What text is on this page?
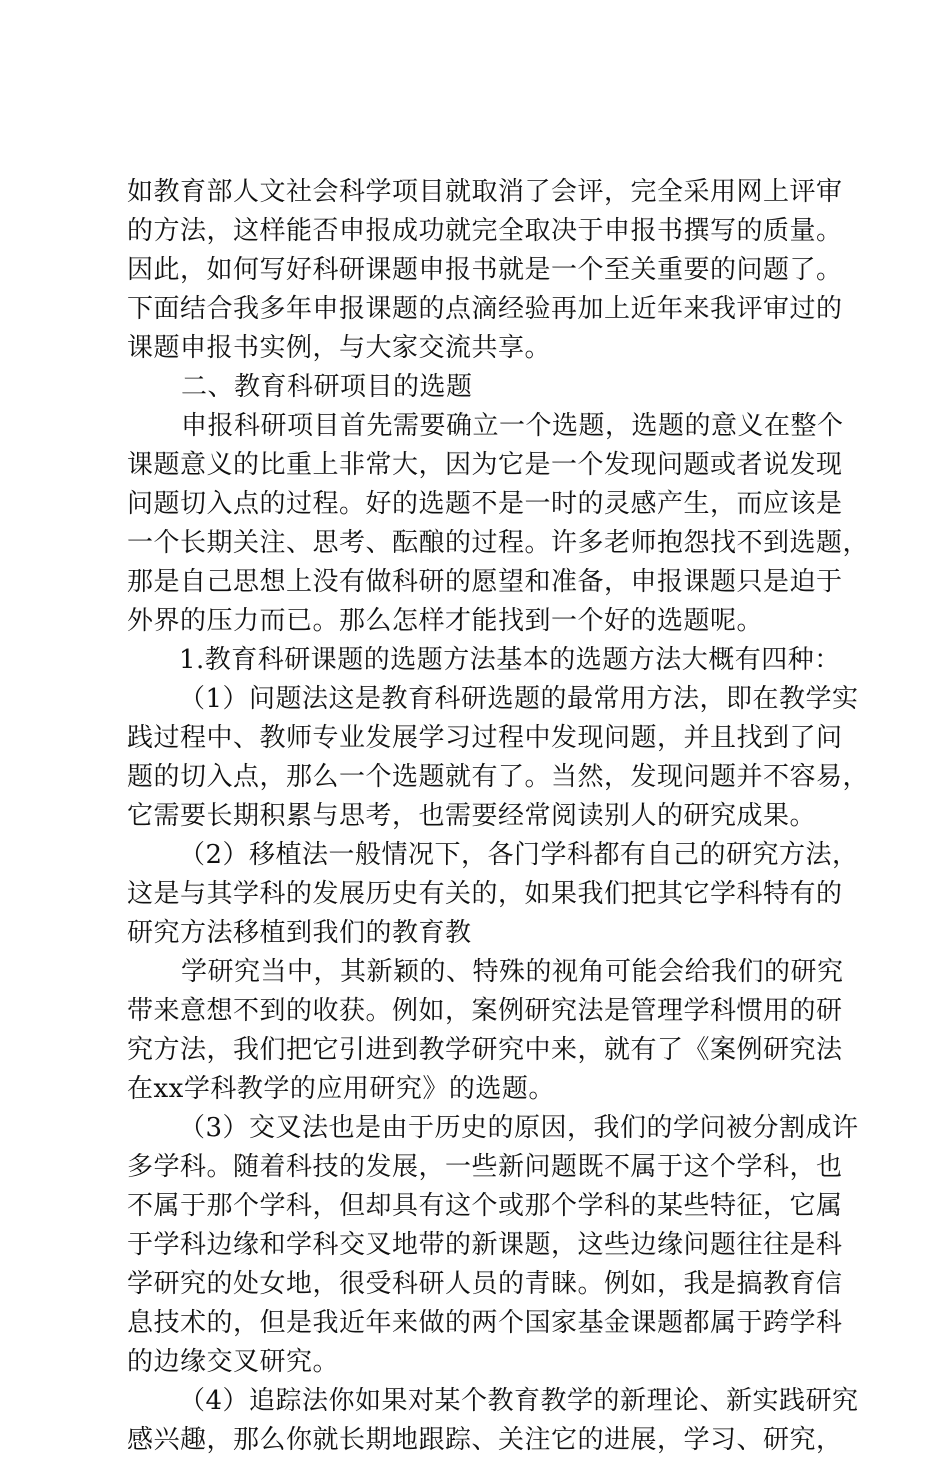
如教育部人文社会科学项目就取消了会评，完全采用网上评审
的方法，这样能否申报成功就完全取决于申报书撰写的质量。
因此，如何写好科研课题申报书就是一个至关重要的问题了。
下面结合我多年申报课题的点滴经验再加上近年来我评审过的
课题申报书实例，与大家交流共享。
二、教育科研项目的选题
申报科研项目首先需要确立一个选题，选题的意义在整个
课题意义的比重上非常大，因为它是一个发现问题或者说发现
问题切入点的过程。好的选题不是一时的灵感产生，而应该是
一个长期关注、思考、酝酿的过程。许多老师抱怨找不到选题，
那是自己思想上没有做科研的愿望和准备，申报课题只是迫于
外界的压力而已。那么怎样才能找到一个好的选题呢。
1.教育科研课题的选题方法基本的选题方法大概有四种：
（1）问题法这是教育科研选题的最常用方法，即在教学实
践过程中、教师专业发展学习过程中发现问题，并且找到了问
题的切入点，那么一个选题就有了。当然，发现问题并不容易，
它需要长期积累与思考，也需要经常阅读别人的研究成果。
（2）移植法一般情况下，各门学科都有自己的研究方法，
这是与其学科的发展历史有关的，如果我们把其它学科特有的
研究方法移植到我们的教育教
学研究当中，其新颖的、特殊的视角可能会给我们的研究
带来意想不到的收获。例如，案例研究法是管理学科惯用的研
究方法，我们把它引进到教学研究中来，就有了《案例研究法
在xx学科教学的应用研究》的选题。
（3）交叉法也是由于历史的原因，我们的学问被分割成许
多学科。随着科技的发展，一些新问题既不属于这个学科，也
不属于那个学科，但却具有这个或那个学科的某些特征，它属
于学科边缘和学科交叉地带的新课题，这些边缘问题往往是科
学研究的处女地，很受科研人员的青睐。例如，我是搞教育信
息技术的，但是我近年来做的两个国家基金课题都属于跨学科
的边缘交叉研究。
（4）追踪法你如果对某个教育教学的新理论、新实践研究
感兴趣，那么你就长期地跟踪、关注它的进展，学习、研究，
